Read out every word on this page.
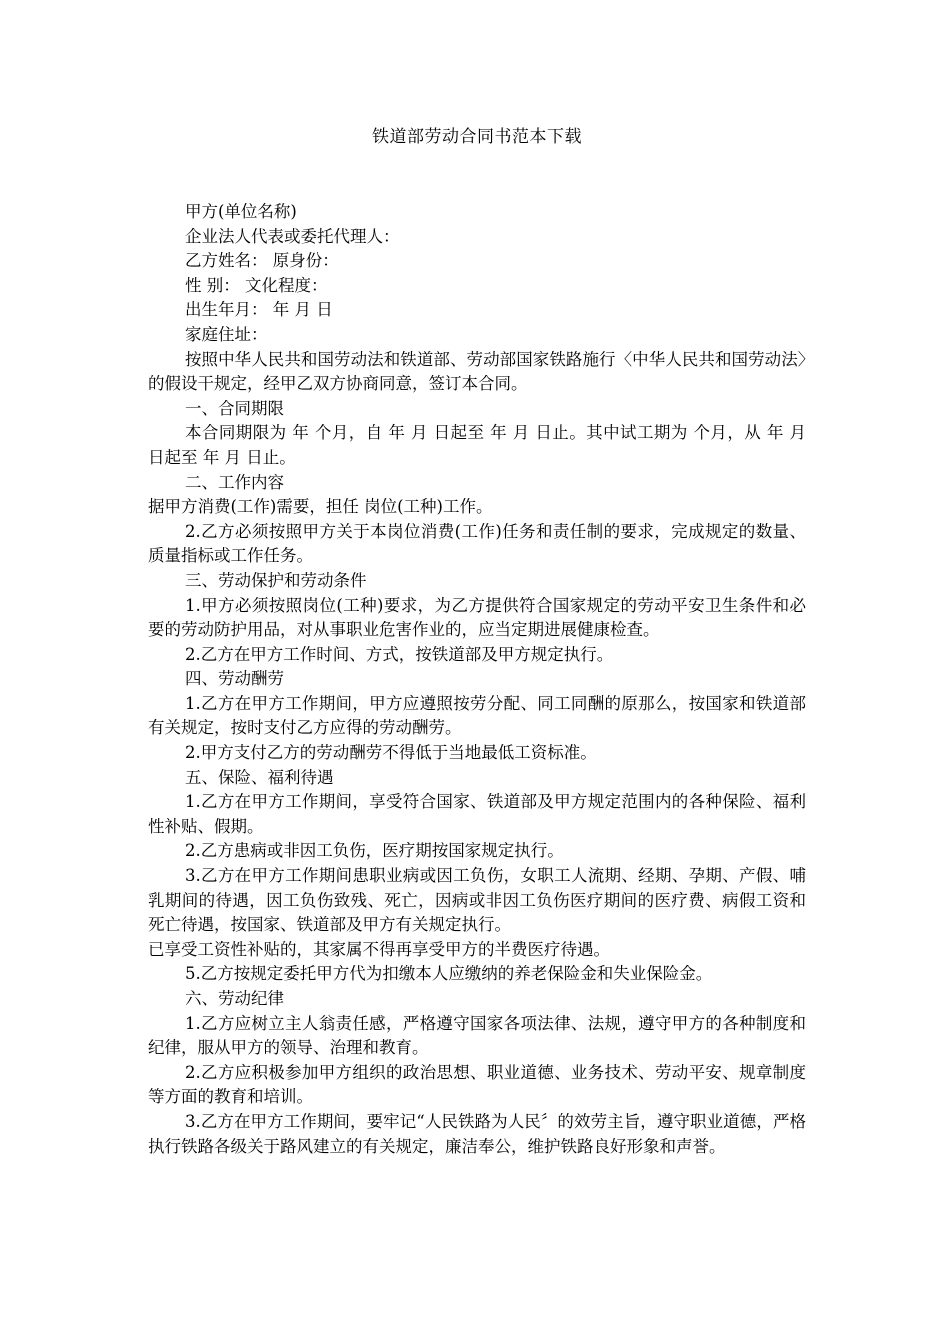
铁道部劳动合同书范本下载

甲方(单位名称)

企业法人代表或委托代理人：

乙方姓名： 原身份：

性 别： 文化程度：

出生年月： 年 月 日

家庭住址：

按照中华人民共和国劳动法和铁道部、劳动部国家铁路施行〈中华人民共和国劳动法〉的假设干规定，经甲乙双方协商同意，签订本合同。

一、合同期限

本合同期限为 年 个月，自 年 月 日起至 年 月 日止。其中试工期为 个月，从 年 月 日起至 年 月 日止。

二、工作内容

据甲方消费(工作)需要，担任 岗位(工种)工作。

2.乙方必须按照甲方关于本岗位消费(工作)任务和责任制的要求，完成规定的数量、质量指标或工作任务。

三、劳动保护和劳动条件

1.甲方必须按照岗位(工种)要求，为乙方提供符合国家规定的劳动平安卫生条件和必要的劳动防护用品，对从事职业危害作业的，应当定期进展健康检查。

2.乙方在甲方工作时间、方式，按铁道部及甲方规定执行。

四、劳动酬劳

1.乙方在甲方工作期间，甲方应遵照按劳分配、同工同酬的原那么，按国家和铁道部有关规定，按时支付乙方应得的劳动酬劳。

2.甲方支付乙方的劳动酬劳不得低于当地最低工资标准。

五、保险、福利待遇

1.乙方在甲方工作期间，享受符合国家、铁道部及甲方规定范围内的各种保险、福利性补贴、假期。

2.乙方患病或非因工负伤，医疗期按国家规定执行。

3.乙方在甲方工作期间患职业病或因工负伤，女职工人流期、经期、孕期、产假、哺乳期间的待遇，因工负伤致残、死亡，因病或非因工负伤医疗期间的医疗费、病假工资和死亡待遇，按国家、铁道部及甲方有关规定执行。

已享受工资性补贴的，其家属不得再享受甲方的半费医疗待遇。

5.乙方按规定委托甲方代为扣缴本人应缴纳的养老保险金和失业保险金。

六、劳动纪律

1.乙方应树立主人翁责任感，严格遵守国家各项法律、法规，遵守甲方的各种制度和纪律，服从甲方的领导、治理和教育。

2.乙方应积极参加甲方组织的政治思想、职业道德、业务技术、劳动平安、规章制度等方面的教育和培训。

3.乙方在甲方工作期间，要牢记“人民铁路为人民〞的效劳主旨，遵守职业道德，严格执行铁路各级关于路风建立的有关规定，廉洁奉公，维护铁路良好形象和声誉。
